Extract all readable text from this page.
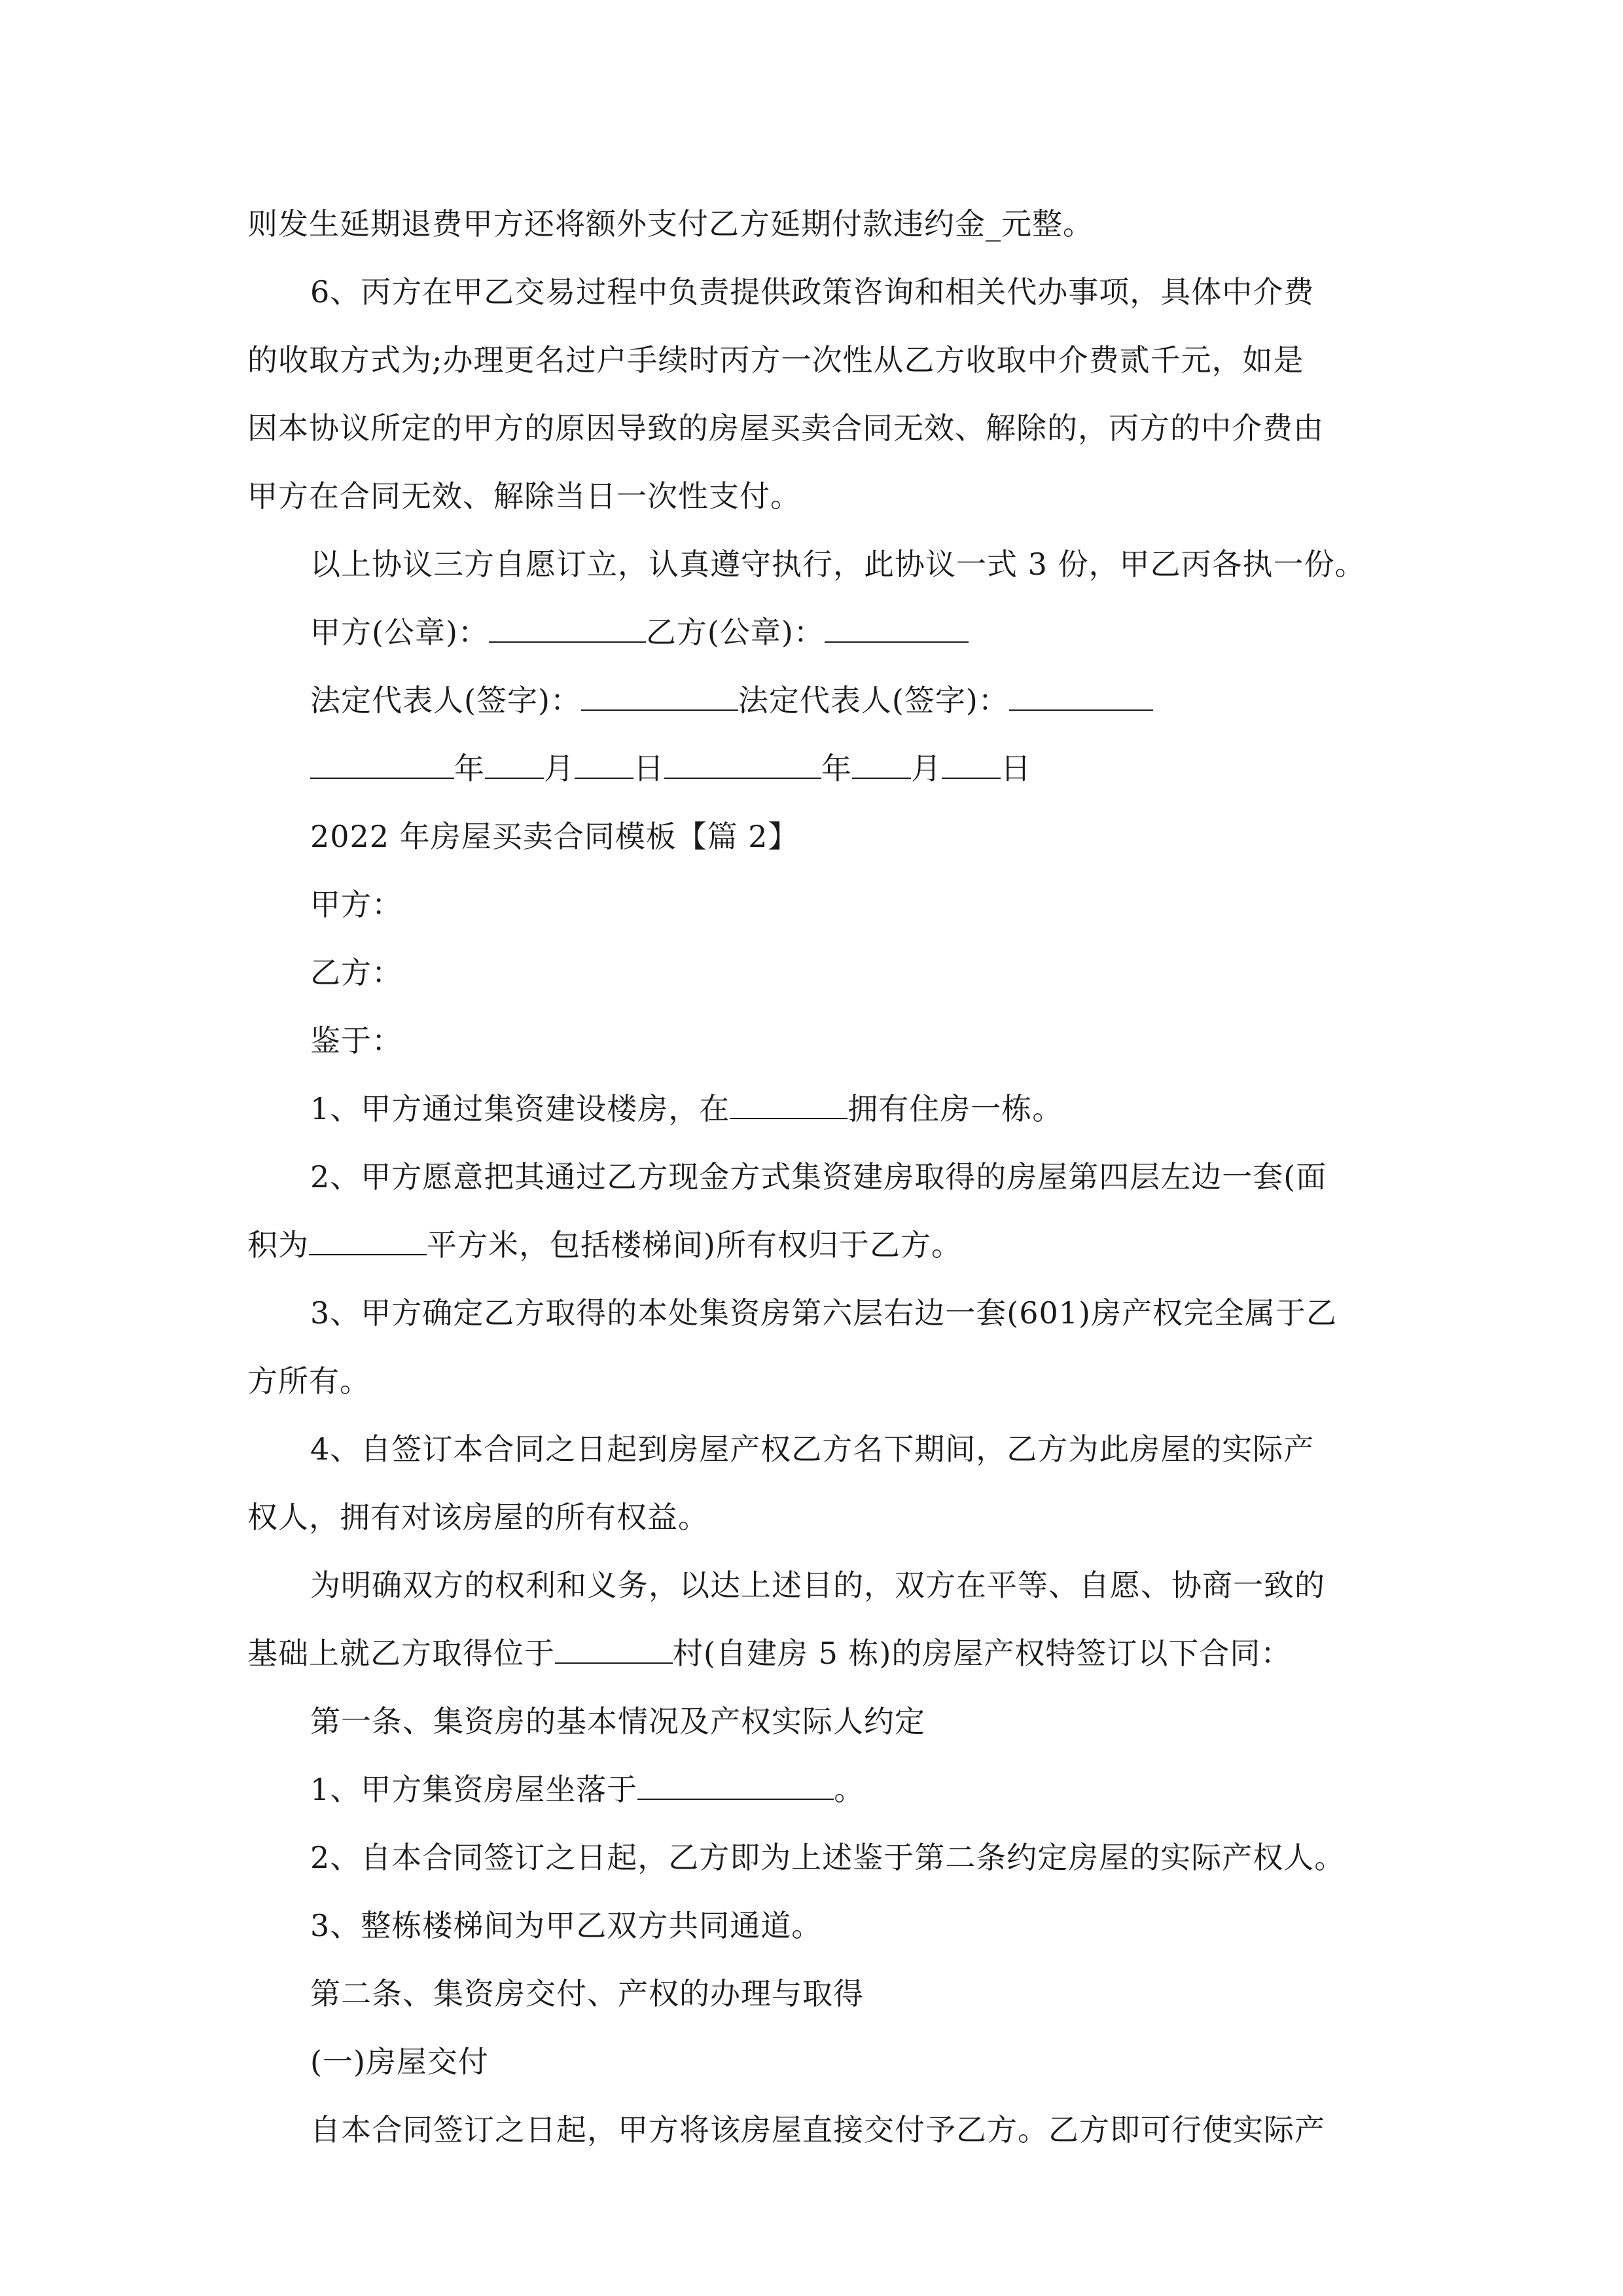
则发生延期退费甲方还将额外支付乙方延期付款违约金_元整。
6、丙方在甲乙交易过程中负责提供政策咨询和相关代办事项，具体中介费
的收取方式为;办理更名过户手续时丙方一次性从乙方收取中介费贰千元，如是
因本协议所定的甲方的原因导致的房屋买卖合同无效、解除的，丙方的中介费由
甲方在合同无效、解除当日一次性支付。
以上协议三方自愿订立，认真遵守执行，此协议一式 3 份，甲乙丙各执一份。
甲方(公章)：	乙方(公章)：
法定代表人(签字)：	法定代表人(签字)：
年 月 日	年 月 日
2022 年房屋买卖合同模板【篇 2】
甲方：
乙方：
鉴于：
1、甲方通过集资建设楼房，在	拥有住房一栋。
2、甲方愿意把其通过乙方现金方式集资建房取得的房屋第四层左边一套(面
积为	平方米，包括楼梯间)所有权归于乙方。
3、甲方确定乙方取得的本处集资房第六层右边一套(601)房产权完全属于乙
方所有。
4、自签订本合同之日起到房屋产权乙方名下期间，乙方为此房屋的实际产
权人，拥有对该房屋的所有权益。
为明确双方的权利和义务，以达上述目的，双方在平等、自愿、协商一致的
基础上就乙方取得位于	村(自建房 5 栋)的房屋产权特签订以下合同：
第一条、集资房的基本情况及产权实际人约定
1、甲方集资房屋坐落于	。
2、自本合同签订之日起，乙方即为上述鉴于第二条约定房屋的实际产权人。
3、整栋楼梯间为甲乙双方共同通道。
第二条、集资房交付、产权的办理与取得
(一)房屋交付
自本合同签订之日起，甲方将该房屋直接交付予乙方。乙方即可行使实际产
